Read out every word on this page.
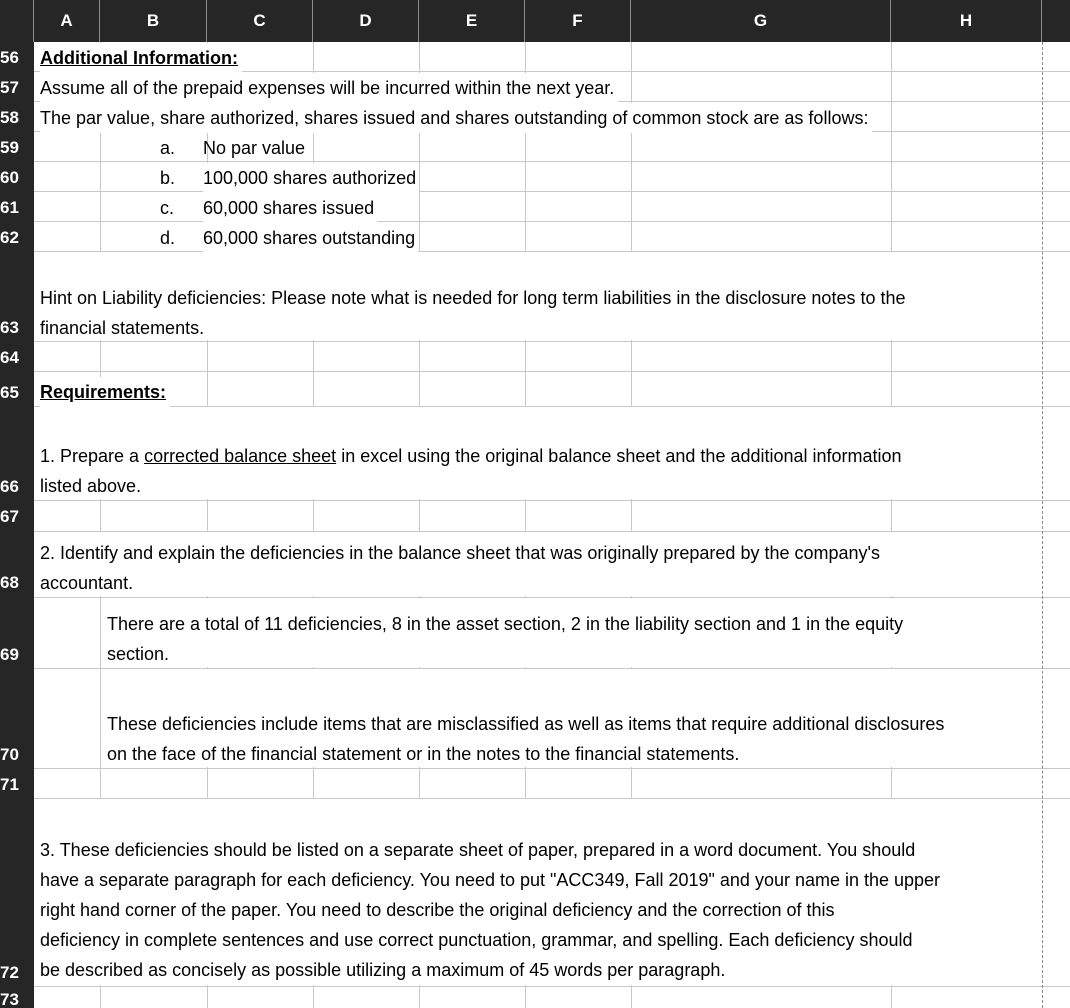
A	B	C	D	E	F	G	H
56
57
58
59
60
61
62
63
64
65
66
67
68
69
70
71
72
73
Additional Information:
Assume all of the prepaid expenses will be incurred within the next year.
The par value, share authorized, shares issued and shares outstanding of common stock are as follows:
a. No par value
b. 100,000 shares authorized
c. 60,000 shares issued
d. 60,000 shares outstanding
Hint on Liability deficiencies: Please note what is needed for long term liabilities in the disclosure notes to the
financial statements.
Requirements:
1. Prepare a corrected balance sheet in excel using the original balance sheet and the additional information
listed above.
2. Identify and explain the deficiencies in the balance sheet that was originally prepared by the company's
accountant.
There are a total of 11 deficiencies, 8 in the asset section, 2 in the liability section and 1 in the equity
section.
These deficiencies include items that are misclassified as well as items that require additional disclosures
on the face of the financial statement or in the notes to the financial statements.
3. These deficiencies should be listed on a separate sheet of paper, prepared in a word document. You should
have a separate paragraph for each deficiency. You need to put "ACC349, Fall 2019" and your name in the upper
right hand corner of the paper. You need to describe the original deficiency and the correction of this
deficiency in complete sentences and use correct punctuation, grammar, and spelling. Each deficiency should
be described as concisely as possible utilizing a maximum of 45 words per paragraph.
